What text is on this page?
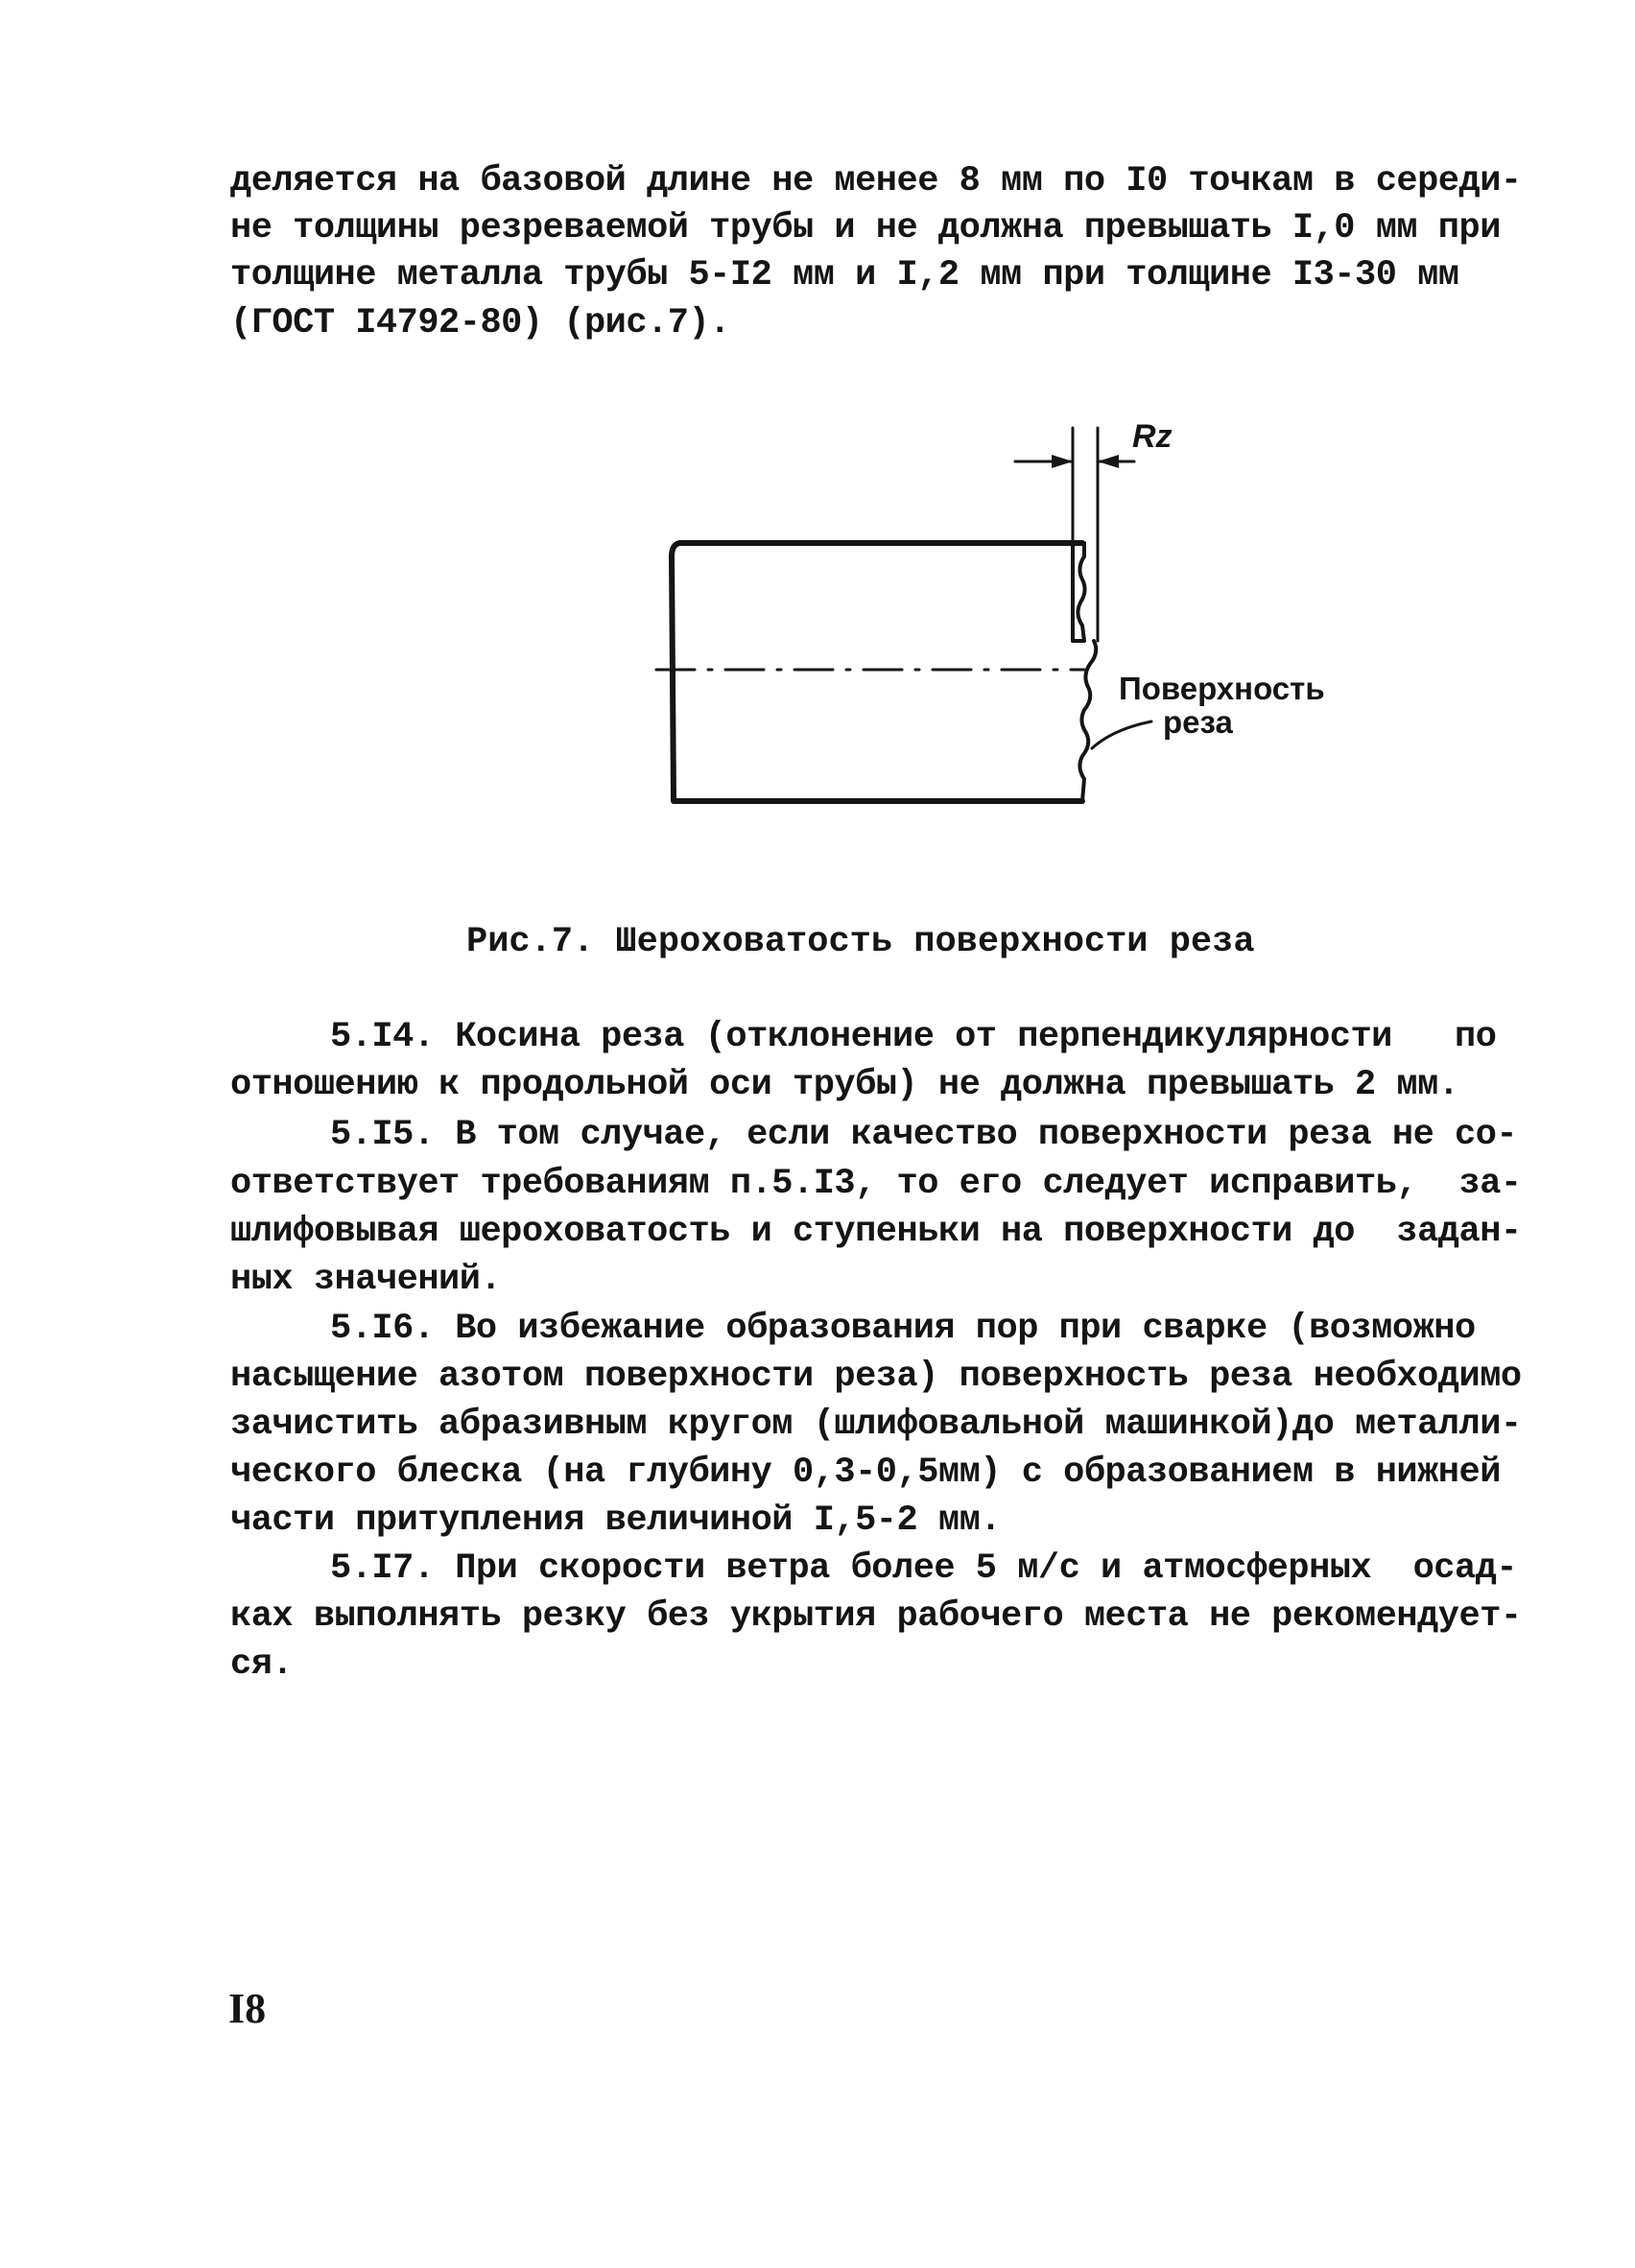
деляется на базовой длине не менее 8 мм по I0 точкам в середи-
не толщины резреваемой трубы и не должна превышать I,0 мм при
толщине металла трубы 5-I2 мм и I,2 мм при толщине I3-30 мм
(ГОСТ I4792-80) (рис.7).
Rz
Поверхность
реза
Рис.7. Шероховатость поверхности реза
5.I4. Косина реза (отклонение от перпендикулярности   по
отношению к продольной оси трубы) не должна превышать 2 мм.
5.I5. В том случае, если качество поверхности реза не со-
ответствует требованиям п.5.I3, то его следует исправить,  за-
шлифовывая шероховатость и ступеньки на поверхности до  задан-
ных значений.
5.I6. Во избежание образования пор при сварке (возможно
насыщение азотом поверхности реза) поверхность реза необходимо
зачистить абразивным кругом (шлифовальной машинкой)до металли-
ческого блеска (на глубину 0,3-0,5мм) с образованием в нижней
части притупления величиной I,5-2 мм.
5.I7. При скорости ветра более 5 м/с и атмосферных  осад-
ках выполнять резку без укрытия рабочего места не рекомендует-
ся.
I8
